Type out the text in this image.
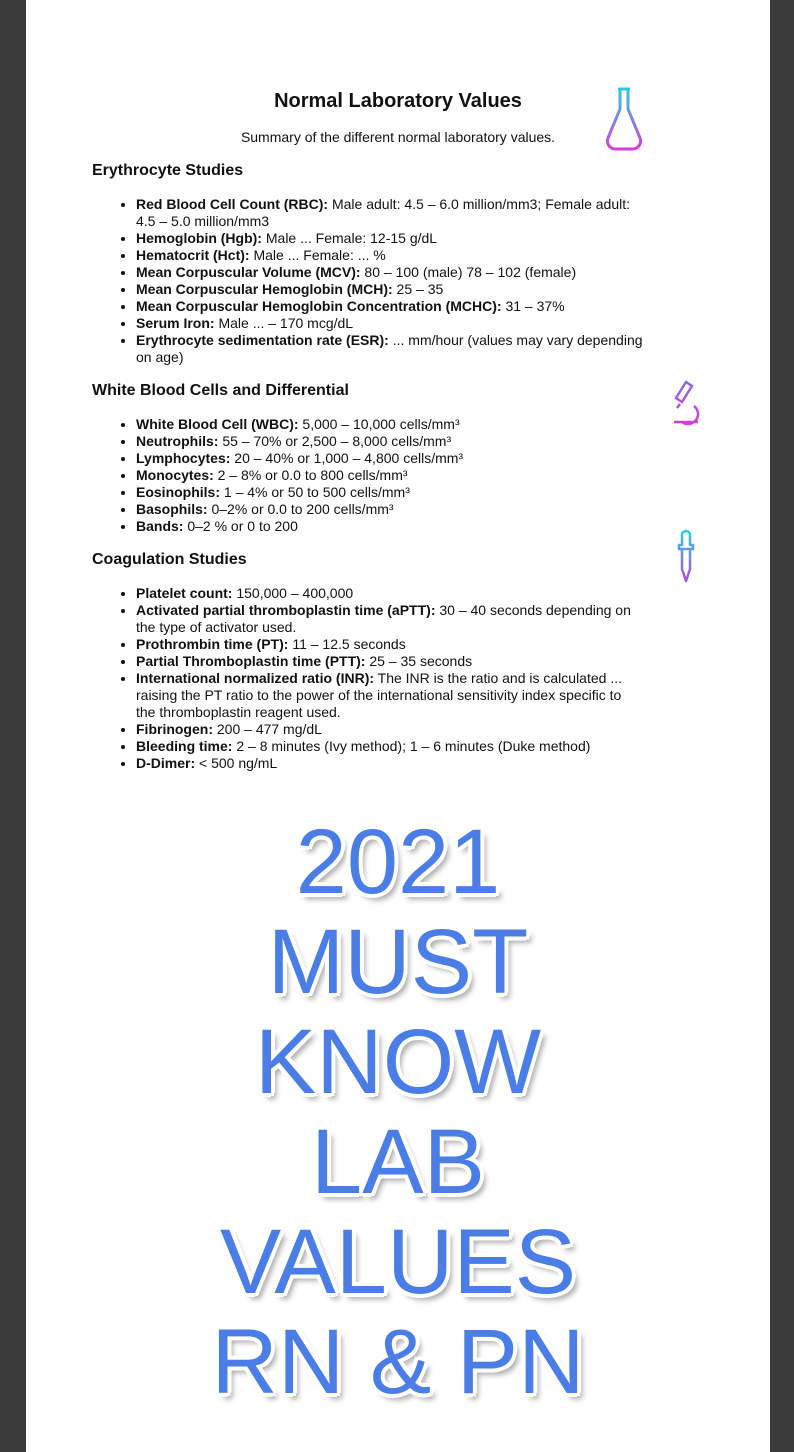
Normal Laboratory Values
Summary of the different normal laboratory values.
Erythrocyte Studies
• Red Blood Cell Count (RBC): Male adult: 4.5 – 6.0 million/mm3; Female adult: 4.5 – 5.0 million/mm3
• Hemoglobin (Hgb): Male ... Female: 12-15 g/dL
• Hematocrit (Hct): Male ... Female: ... %
• Mean Corpuscular Volume (MCV): 80 – 100 (male) 78 – 102 (female)
• Mean Corpuscular Hemoglobin (MCH): 25 – 35
• Mean Corpuscular Hemoglobin Concentration (MCHC): 31 – 37%
• Serum Iron: Male ... – 170 mcg/dL
• Erythrocyte sedimentation rate (ESR): ... mm/hour (values may vary depending on age)
White Blood Cells and Differential
• White Blood Cell (WBC): 5,000 – 10,000 cells/mm³
• Neutrophils: 55 – 70% or 2,500 – 8,000 cells/mm³
• Lymphocytes: 20 – 40% or 1,000 – 4,800 cells/mm³
• Monocytes: 2 – 8% or 0.0 to 800 cells/mm³
• Eosinophils: 1 – 4% or 50 to 500 cells/mm³
• Basophils: 0–2% or 0.0 to 200 cells/mm³
• Bands: 0–2 % or 0 to 200
Coagulation Studies
• Platelet count: 150,000 – 400,000
• Activated partial thromboplastin time (aPTT): 30 – 40 seconds depending on the type of activator used.
• Prothrombin time (PT): 11 – 12.5 seconds
• Partial Thromboplastin time (PTT): 25 – 35 seconds
• International normalized ratio (INR): The INR is the ratio and is calculated ... raising the PT ratio to the power of the international sensitivity index specific to the thromboplastin reagent used.
• Fibrinogen: 200 – 477 mg/dL
• Bleeding time: 2 – 8 minutes (Ivy method); 1 – 6 minutes (Duke method)
• D-Dimer: < 500 ng/mL
2021
MUST
KNOW
LAB
VALUES
RN & PN
